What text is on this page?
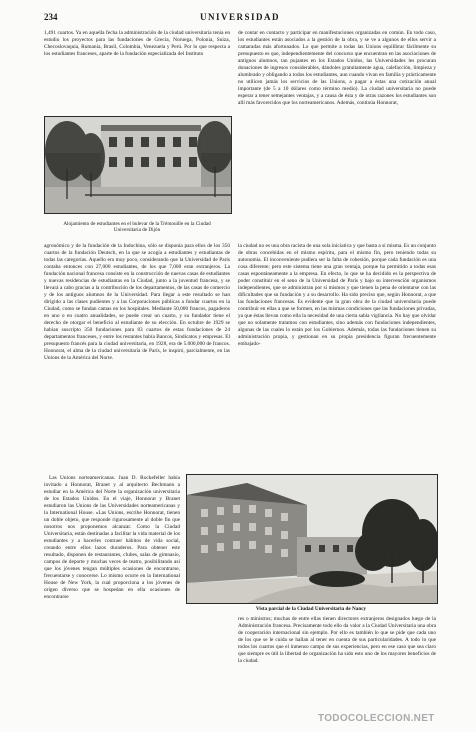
234	UNIVERSIDAD

1,491 cuartos. Ya en aquella fecha la administración de la ciudad universitaria tenía en estudio los proyectos para las fundaciones de Grecia, Noruega, Polonia, Suiza, Checoslovaquia, Rumania, Brasil, Colombia, Venezuela y Perú. Por lo que respecta a los estudiantes franceses, aparte de la fundación especializada del Instituto

de contar en contacto y participar en manifestaciones organizadas en común. En todo caso, los estudiantes están asociados a la gestión de la obra, y se ve a algunos de ellos servir a camaradas más afortunados. Lo que permite a todas las Unions equilibrar fácilmente su presupuesto es que, independientemente del concurso que encuentran en las asociaciones de antiguos alumnos, tan pujantes en los Estados Unidos, las Universidades les procuran donaciones de ingresos considerables, dándoles gratuitamente agua, calefacción, limpieza y alumbrado y obligando a todos los estudiantes, aun cuando vivan en familia y prácticamente no utilicen jamás los servicios de las Unions, a pagar a éstas una cotización anual importante (de 5 a 10 dólares como término medio). La ciudad universitaria no puede esperar a tener semejantes ventajas, y a causa de ésta y de otras razones los estudiantes son allí más favorecidos que los norteamericanos. Además, continúa Honnorat,

Alojamiento de estudiantes en el bulevar de la Trémouille en la Ciudad Universitaria de Dijón

agronómico y de la fundación de la Indochina, sólo se disponía para ellos de los 350 cuartos de la fundación Deutsch, en la que se acogía a estudiantes y estudiantas de todas las categorías. Aquello era muy poco, considerando que la Universidad de París contaba entonces con 27,000 estudiantes, de los que 7,000 eran extranjeros. La fundación nacional francesa consiste en la construcción de nuevas casas de estudiantes y nuevas residencias de estudiantas en la Ciudad, junto a la juventud francesa, y se llevará a cabo gracias a la contribución de los departamentos, de las casas de comercio y de los antiguos alumnos de la Universidad. Para llegar a este resultado se han dirigido a las clases pudientes y a las Corporaciones públicas a fundar cuartos en la Ciudad, como se fundan camas en los hospitales. Mediante 50,000 francos, pagaderos en uno o en cuatro anualidades, se puede crear un cuarto, y su fundador tiene el derecho de otorgar el beneficio al estudiante de su elección. En octubre de 1929 se habían suscripto 350 fundaciones para 83 cuartos de estas fundaciones de 24 departamentos franceses, y entre los restantes había Bancos, Sindicatos y empresas. El presupuesto francés para la ciudad universitaria, en 1928, era de 5.000,000 de francos. Honnorat, el alma de la ciudad universitaria de París, le inspiró, parcialmente, en las Unions de la América del Norte.

la ciudad no es una obra racista de una sola iniciativa y que basta a sí misma. Es un conjunto de obras concebidas en el mismo espíritu, para el mismo fin, pero teniendo todas su autonomía. El inconveniente pudiera ser la falta de cohesión, porque cada fundación es una cosa diferente; pero este sistema tiene una gran ventaja, porque ha permitido a todas esas casas espontáneamente a la empresa. En efecto, lo que se ha decidido es la perspectiva de poder constituir en el seno de la Universidad de París y bajo su intervención organismos independientes, que se administran por sí mismos y que tienen la pena de orientarse con las dificultades que su fundación y a su desarrollo. Ha sido preciso que, según Honnorat, a que las fundaciones francesas. Es evidente que la gran obra de la ciudad universitaria puede contribuir en ellas a que se formen, en las mismas condiciones que las fundaciones privadas, ya que éstas llevan como ella la necesidad de una cierta sabia vigilancia. No hay que olvidar que no solamente tratamos con estudiantes, sino además con fundaciones independientes, algunas de las cuales lo están por los Gobiernos. Además, todas las fundaciones tienen su administración propia, y gestionan en su propia presidencia figuran frecuentemente embajado-

Las Unions norteamericanas. Juan D. Rockefeller había invitado a Honnorat, Branet y al arquitecto Bechmann a estudiar en la América del Norte la organización universitaria de los Estados Unidos. En el viaje, Honnorat y Branet estudiaron las Unions de las Universidades norteamericanas y la International House. «Las Unions, escribe Honnorat, tienen un doble objeto, que responde rigurosamente al doble fin que nosotros nos proponemos alcanzar. Como la Ciudad Universitaria, están destinadas a facilitar la vida material de los estudiantes y a hacerles contraer hábitos de vida social, creando entre ellos lazos duraderos. Para obtener este resultado, disponen de restaurantes, clubes, salas de gimnasio, campos de deporte y muchas veces de teatro, posibilitando así que los jóvenes tengan múltiples ocasiones de encontrarse, frecuentarse y conocerse. Lo mismo ocurre en la International House de New York, la cual proporciona a los jóvenes de origen diverso que se hospedan en ella ocasiones de encontrarse

Vista parcial de la Ciudad Universitaria de Nancy

res o ministros; muchas de entre ellas tienen directores extranjeros designados luego de la Administración francesa. Precisamente todo ello da valor a la Ciudad Universitaria una obra de cooperación internacional sin ejemplo. Por ello es también lo que se pide que cada uno de los que se le cuida se hallan al tener en cuenta de sus particularidades. A todo lo que todos los cuartos que el inmenso campo de sus experiencias, pero en ese caso que sea claro que siempre es útil la libertad de organización ha sido esto uno de los mayores beneficios de la ciudad.

TODOCOLECCION.NET
